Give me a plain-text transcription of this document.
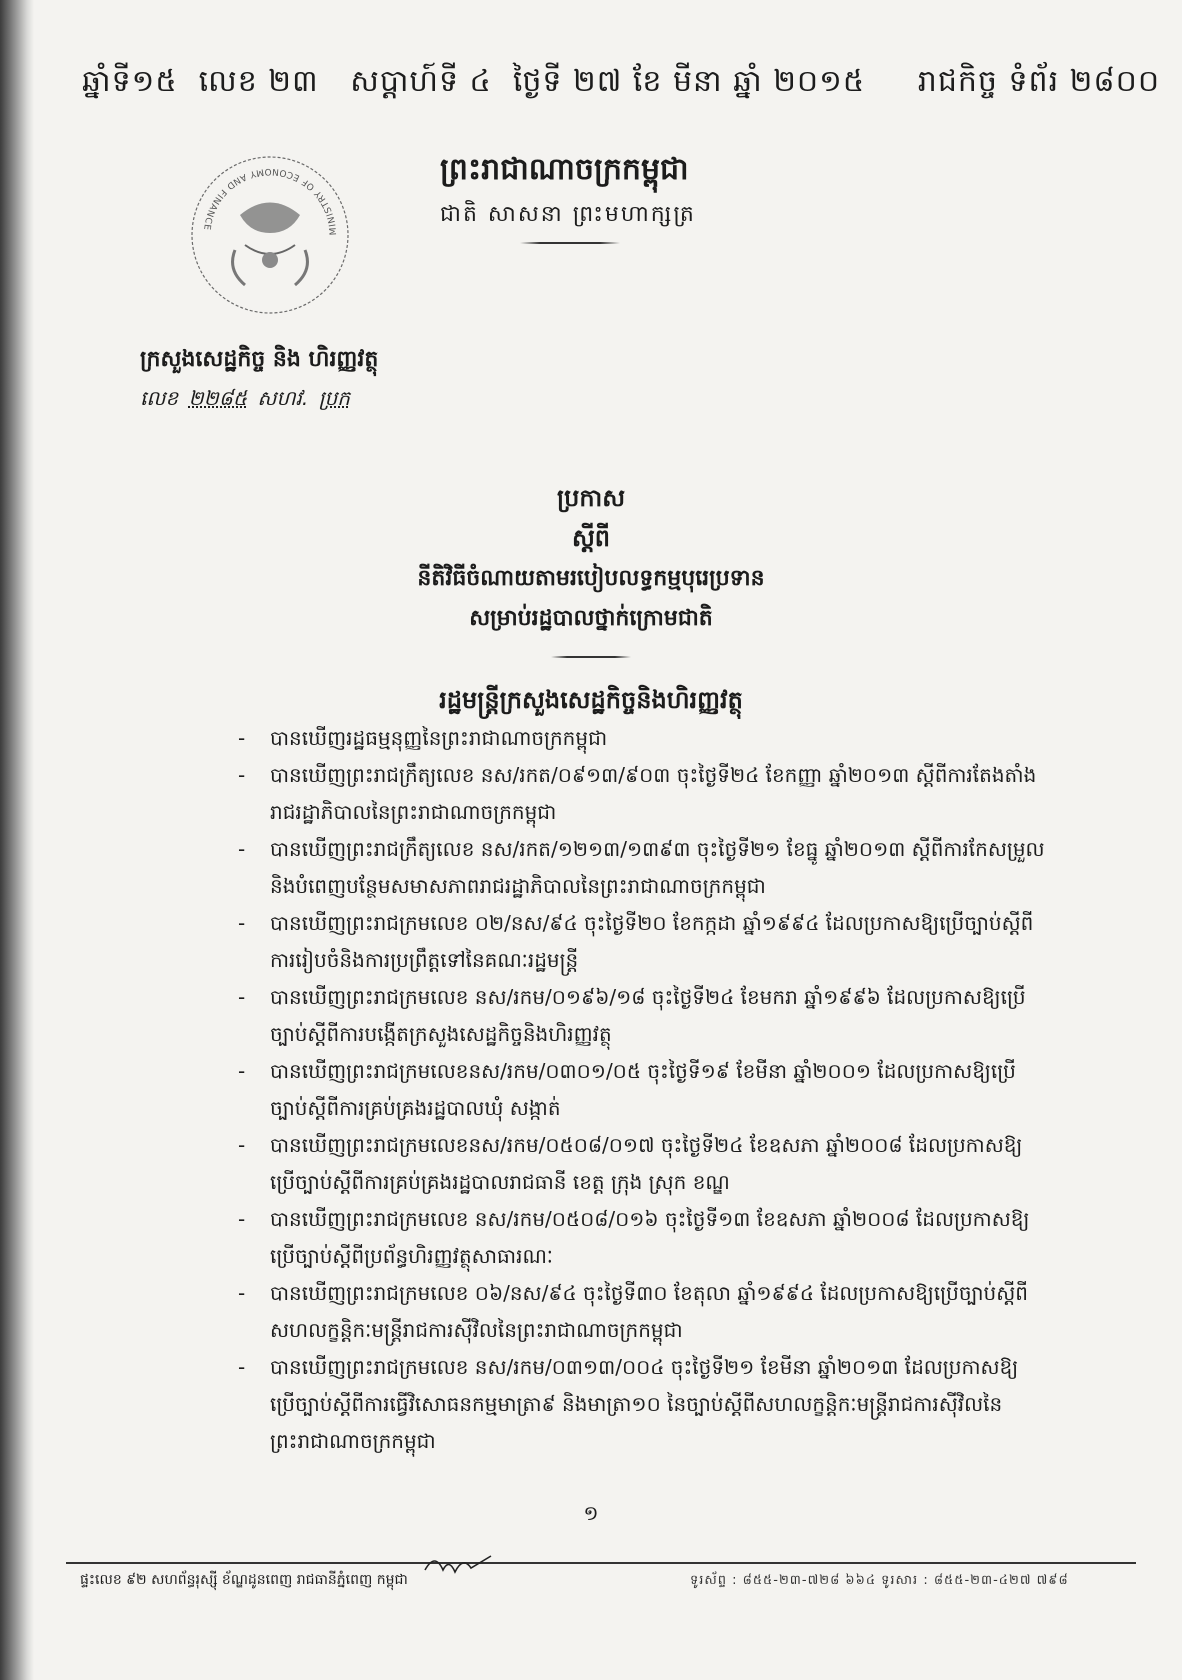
ឆ្នាំទី១៥ លេខ ២៣ សប្តាហ៍ទី ៤ ថ្ងៃទី ២៧ ខែ មីនា ឆ្នាំ ២០១៥ រាជកិច្ច ទំព័រ ២៨០០
ព្រះរាជាណាចក្រកម្ពុជា
ជាតិ សាសនា ព្រះមហាក្សត្រ
MINISTRY OF ECONOMY AND FINANCE
ក្រសួងសេដ្ឋកិច្ច និង ហិរញ្ញវត្ថុ
លេខ ២២៨៥ សហវ. ប្រក
ប្រកាស
ស្តីពី
នីតិវិធីចំណាយតាមរបៀបលទ្ធកម្មបុរេប្រទាន
សម្រាប់រដ្ឋបាលថ្នាក់ក្រោមជាតិ
រដ្ឋមន្ត្រីក្រសួងសេដ្ឋកិច្ចនិងហិរញ្ញវត្ថុ
- បានឃើញរដ្ឋធម្មនុញ្ញនៃព្រះរាជាណាចក្រកម្ពុជា
- បានឃើញព្រះរាជក្រឹត្យលេខ នស/រកត/០៩១៣/៩០៣ ចុះថ្ងៃទី២៤ ខែកញ្ញា ឆ្នាំ២០១៣ ស្តីពីការតែងតាំង
រាជរដ្ឋាភិបាលនៃព្រះរាជាណាចក្រកម្ពុជា
- បានឃើញព្រះរាជក្រឹត្យលេខ នស/រកត/១២១៣/១៣៩៣ ចុះថ្ងៃទី២១ ខែធ្នូ ឆ្នាំ២០១៣ ស្តីពីការកែសម្រួល
និងបំពេញបន្ថែមសមាសភាពរាជរដ្ឋាភិបាលនៃព្រះរាជាណាចក្រកម្ពុជា
- បានឃើញព្រះរាជក្រមលេខ ០២/នស/៩៤ ចុះថ្ងៃទី២០ ខែកក្កដា ឆ្នាំ១៩៩៤ ដែលប្រកាសឱ្យប្រើច្បាប់ស្តីពី
ការរៀបចំនិងការប្រព្រឹត្តទៅនៃគណៈរដ្ឋមន្ត្រី
- បានឃើញព្រះរាជក្រមលេខ នស/រកម/០១៩៦/១៨ ចុះថ្ងៃទី២៤ ខែមករា ឆ្នាំ១៩៩៦ ដែលប្រកាសឱ្យប្រើ
ច្បាប់ស្តីពីការបង្កើតក្រសួងសេដ្ឋកិច្ចនិងហិរញ្ញវត្ថុ
- បានឃើញព្រះរាជក្រមលេខនស/រកម/០៣០១/០៥ ចុះថ្ងៃទី១៩ ខែមីនា ឆ្នាំ២០០១ ដែលប្រកាសឱ្យប្រើ
ច្បាប់ស្តីពីការគ្រប់គ្រងរដ្ឋបាលឃុំ សង្កាត់
- បានឃើញព្រះរាជក្រមលេខនស/រកម/០៥០៨/០១៧ ចុះថ្ងៃទី២៤ ខែឧសភា ឆ្នាំ២០០៨ ដែលប្រកាសឱ្យ
ប្រើច្បាប់ស្តីពីការគ្រប់គ្រងរដ្ឋបាលរាជធានី ខេត្ត ក្រុង ស្រុក ខណ្ឌ
- បានឃើញព្រះរាជក្រមលេខ នស/រកម/០៥០៨/០១៦ ចុះថ្ងៃទី១៣ ខែឧសភា ឆ្នាំ២០០៨ ដែលប្រកាសឱ្យ
ប្រើច្បាប់ស្តីពីប្រព័ន្ធហិរញ្ញវត្ថុសាធារណៈ
- បានឃើញព្រះរាជក្រមលេខ ០៦/នស/៩៤ ចុះថ្ងៃទី៣០ ខែតុលា ឆ្នាំ១៩៩៤ ដែលប្រកាសឱ្យប្រើច្បាប់ស្តីពី
សហលក្ខន្តិកៈមន្ត្រីរាជការស៊ីវិលនៃព្រះរាជាណាចក្រកម្ពុជា
- បានឃើញព្រះរាជក្រមលេខ នស/រកម/០៣១៣/០០៤ ចុះថ្ងៃទី២១ ខែមីនា ឆ្នាំ២០១៣ ដែលប្រកាសឱ្យ
ប្រើច្បាប់ស្តីពីការធ្វើវិសោធនកម្មមាត្រា៩ និងមាត្រា១០ នៃច្បាប់ស្តីពីសហលក្ខន្តិកៈមន្ត្រីរាជការស៊ីវិលនៃ
ព្រះរាជាណាចក្រកម្ពុជា
១
ផ្ទះលេខ ៩២ សហព័ន្ធរុស្ស៊ី ខ័ណ្ឌដូនពេញ រាជធានីភ្នំពេញ កម្ពុជា	ទូរស័ព្ទ : ៨៥៥-២៣-៧២៨ ៦៦៤ ទូរសារ : ៨៥៥-២៣-៤២៧ ៧៩៨
